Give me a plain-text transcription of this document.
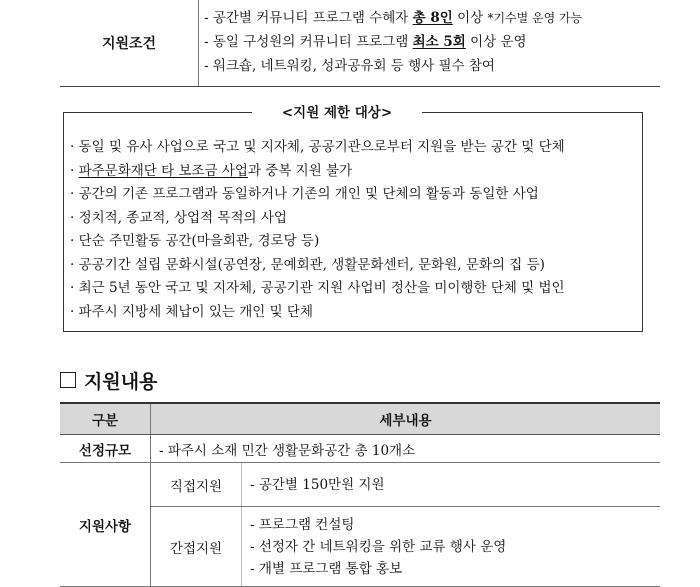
지원조건
- 공간별 커뮤니티 프로그램 수혜자 총 8인 이상 *기수별 운영 가능
- 동일 구성원의 커뮤니티 프로그램 최소 5회 이상 운영
- 워크숍, 네트워킹, 성과공유회 등 행사 필수 참여
<지원 제한 대상>
· 동일 및 유사 사업으로 국고 및 지자체, 공공기관으로부터 지원을 받는 공간 및 단체
· 파주문화재단 타 보조금 사업과 중복 지원 불가
· 공간의 기존 프로그램과 동일하거나 기존의 개인 및 단체의 활동과 동일한 사업
· 정치적, 종교적, 상업적 목적의 사업
· 단순 주민활동 공간(마을회관, 경로당 등)
· 공공기간 설립 문화시설(공연장, 문예회관, 생활문화센터, 문화원, 문화의 집 등)
· 최근 5년 동안 국고 및 지자체, 공공기관 지원 사업비 정산을 미이행한 단체 및 법인
· 파주시 지방세 체납이 있는 개인 및 단체
지원내용
구분	세부내용	
선정규모	- 파주시 소재 민간 생활문화공간 총 10개소	
지원사항	직접지원	- 공간별 150만원 지원

	간접지원	- 프로그램 컨설팅
- 선정자 간 네트워킹을 위한 교류 행사 운영
- 개별 프로그램 통합 홍보
